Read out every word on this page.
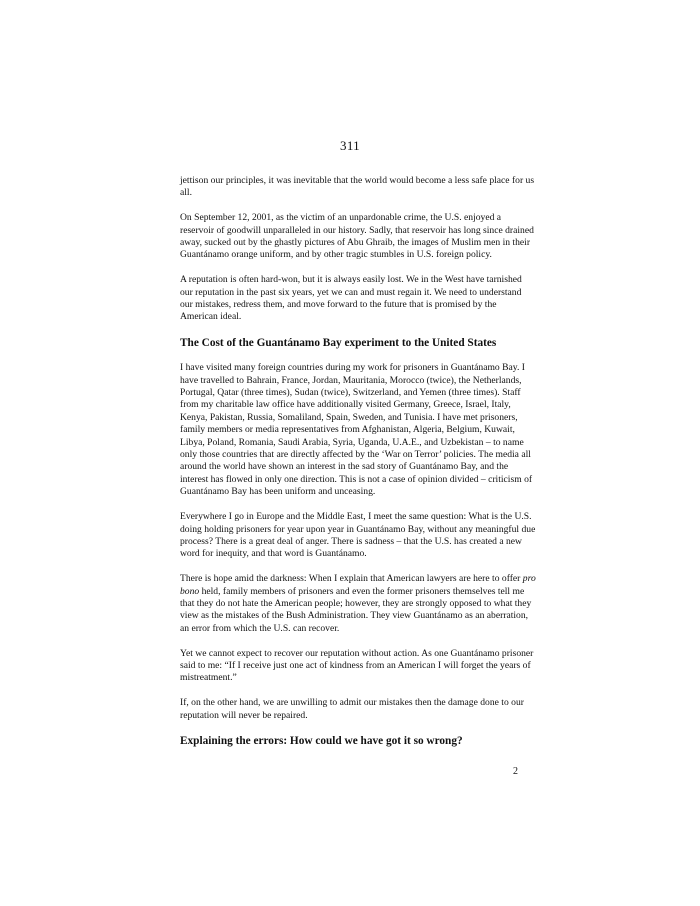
311

jettison our principles, it was inevitable that the world would become a less safe place for us all.

On September 12, 2001, as the victim of an unpardonable crime, the U.S. enjoyed a reservoir of goodwill unparalleled in our history. Sadly, that reservoir has long since drained away, sucked out by the ghastly pictures of Abu Ghraib, the images of Muslim men in their Guantánamo orange uniform, and by other tragic stumbles in U.S. foreign policy.

A reputation is often hard-won, but it is always easily lost. We in the West have tarnished our reputation in the past six years, yet we can and must regain it. We need to understand our mistakes, redress them, and move forward to the future that is promised by the American ideal.

The Cost of the Guantánamo Bay experiment to the United States

I have visited many foreign countries during my work for prisoners in Guantánamo Bay. I have travelled to Bahrain, France, Jordan, Mauritania, Morocco (twice), the Netherlands, Portugal, Qatar (three times), Sudan (twice), Switzerland, and Yemen (three times). Staff from my charitable law office have additionally visited Germany, Greece, Israel, Italy, Kenya, Pakistan, Russia, Somaliland, Spain, Sweden, and Tunisia. I have met prisoners, family members or media representatives from Afghanistan, Algeria, Belgium, Kuwait, Libya, Poland, Romania, Saudi Arabia, Syria, Uganda, U.A.E., and Uzbekistan – to name only those countries that are directly affected by the ‘War on Terror’ policies. The media all around the world have shown an interest in the sad story of Guantánamo Bay, and the interest has flowed in only one direction. This is not a case of opinion divided – criticism of Guantánamo Bay has been uniform and unceasing.

Everywhere I go in Europe and the Middle East, I meet the same question: What is the U.S. doing holding prisoners for year upon year in Guantánamo Bay, without any meaningful due process? There is a great deal of anger. There is sadness – that the U.S. has created a new word for inequity, and that word is Guantánamo.

There is hope amid the darkness: When I explain that American lawyers are here to offer pro bono held, family members of prisoners and even the former prisoners themselves tell me that they do not hate the American people; however, they are strongly opposed to what they view as the mistakes of the Bush Administration. They view Guantánamo as an aberration, an error from which the U.S. can recover.

Yet we cannot expect to recover our reputation without action. As one Guantánamo prisoner said to me: “If I receive just one act of kindness from an American I will forget the years of mistreatment.”

If, on the other hand, we are unwilling to admit our mistakes then the damage done to our reputation will never be repaired.

Explaining the errors: How could we have got it so wrong?
2
